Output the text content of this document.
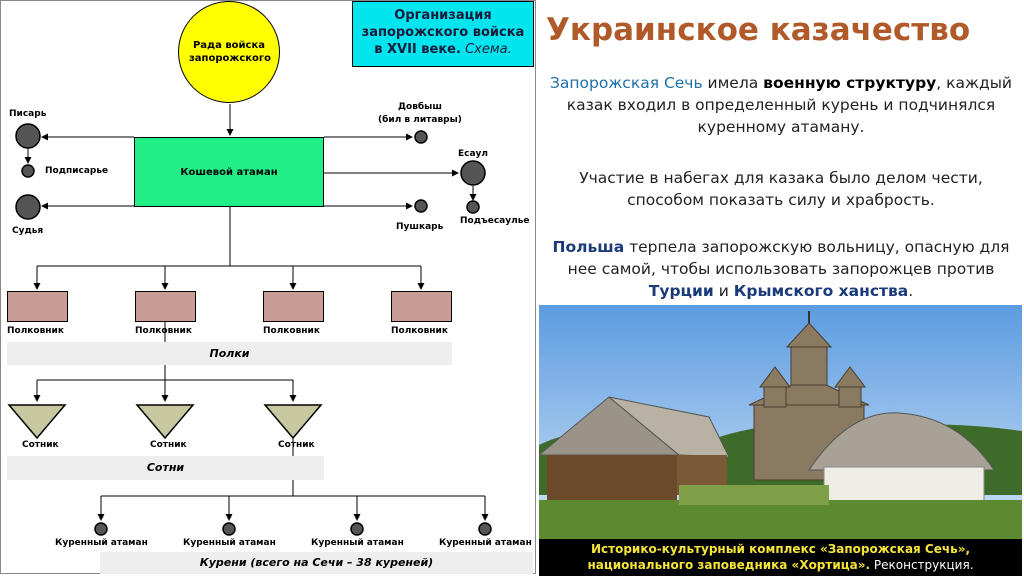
Рада войска запорожского
Организация
запорожского войска
в XVII веке. Схема.
Кошевой атаман
Писарь
Подписарье
Судья
Довбыш
(бил в литавры)
Есаул
Подъесаулье
Пушкарь
Полковник	Полковник	Полковник	Полковник
Полки
Сотник	Сотник	Сотник
Сотни
Куренный атаман	Куренный атаман	Куренный атаман	Куренный атаман
Курени (всего на Сечи – 38 куреней)
Украинское казачество
Запорожская Сечь имела военную структуру, каждый казак входил в определенный курень и подчинялся куренному атаману.
Участие в набегах для казака было делом чести, способом показать силу и храбрость.
Польша терпела запорожскую вольницу, опасную для нее самой, чтобы использовать запорожцев против Турции и Крымского ханства.
Историко-культурный комплекс «Запорожская Сечь», национального заповедника «Хортица». Реконструкция.
